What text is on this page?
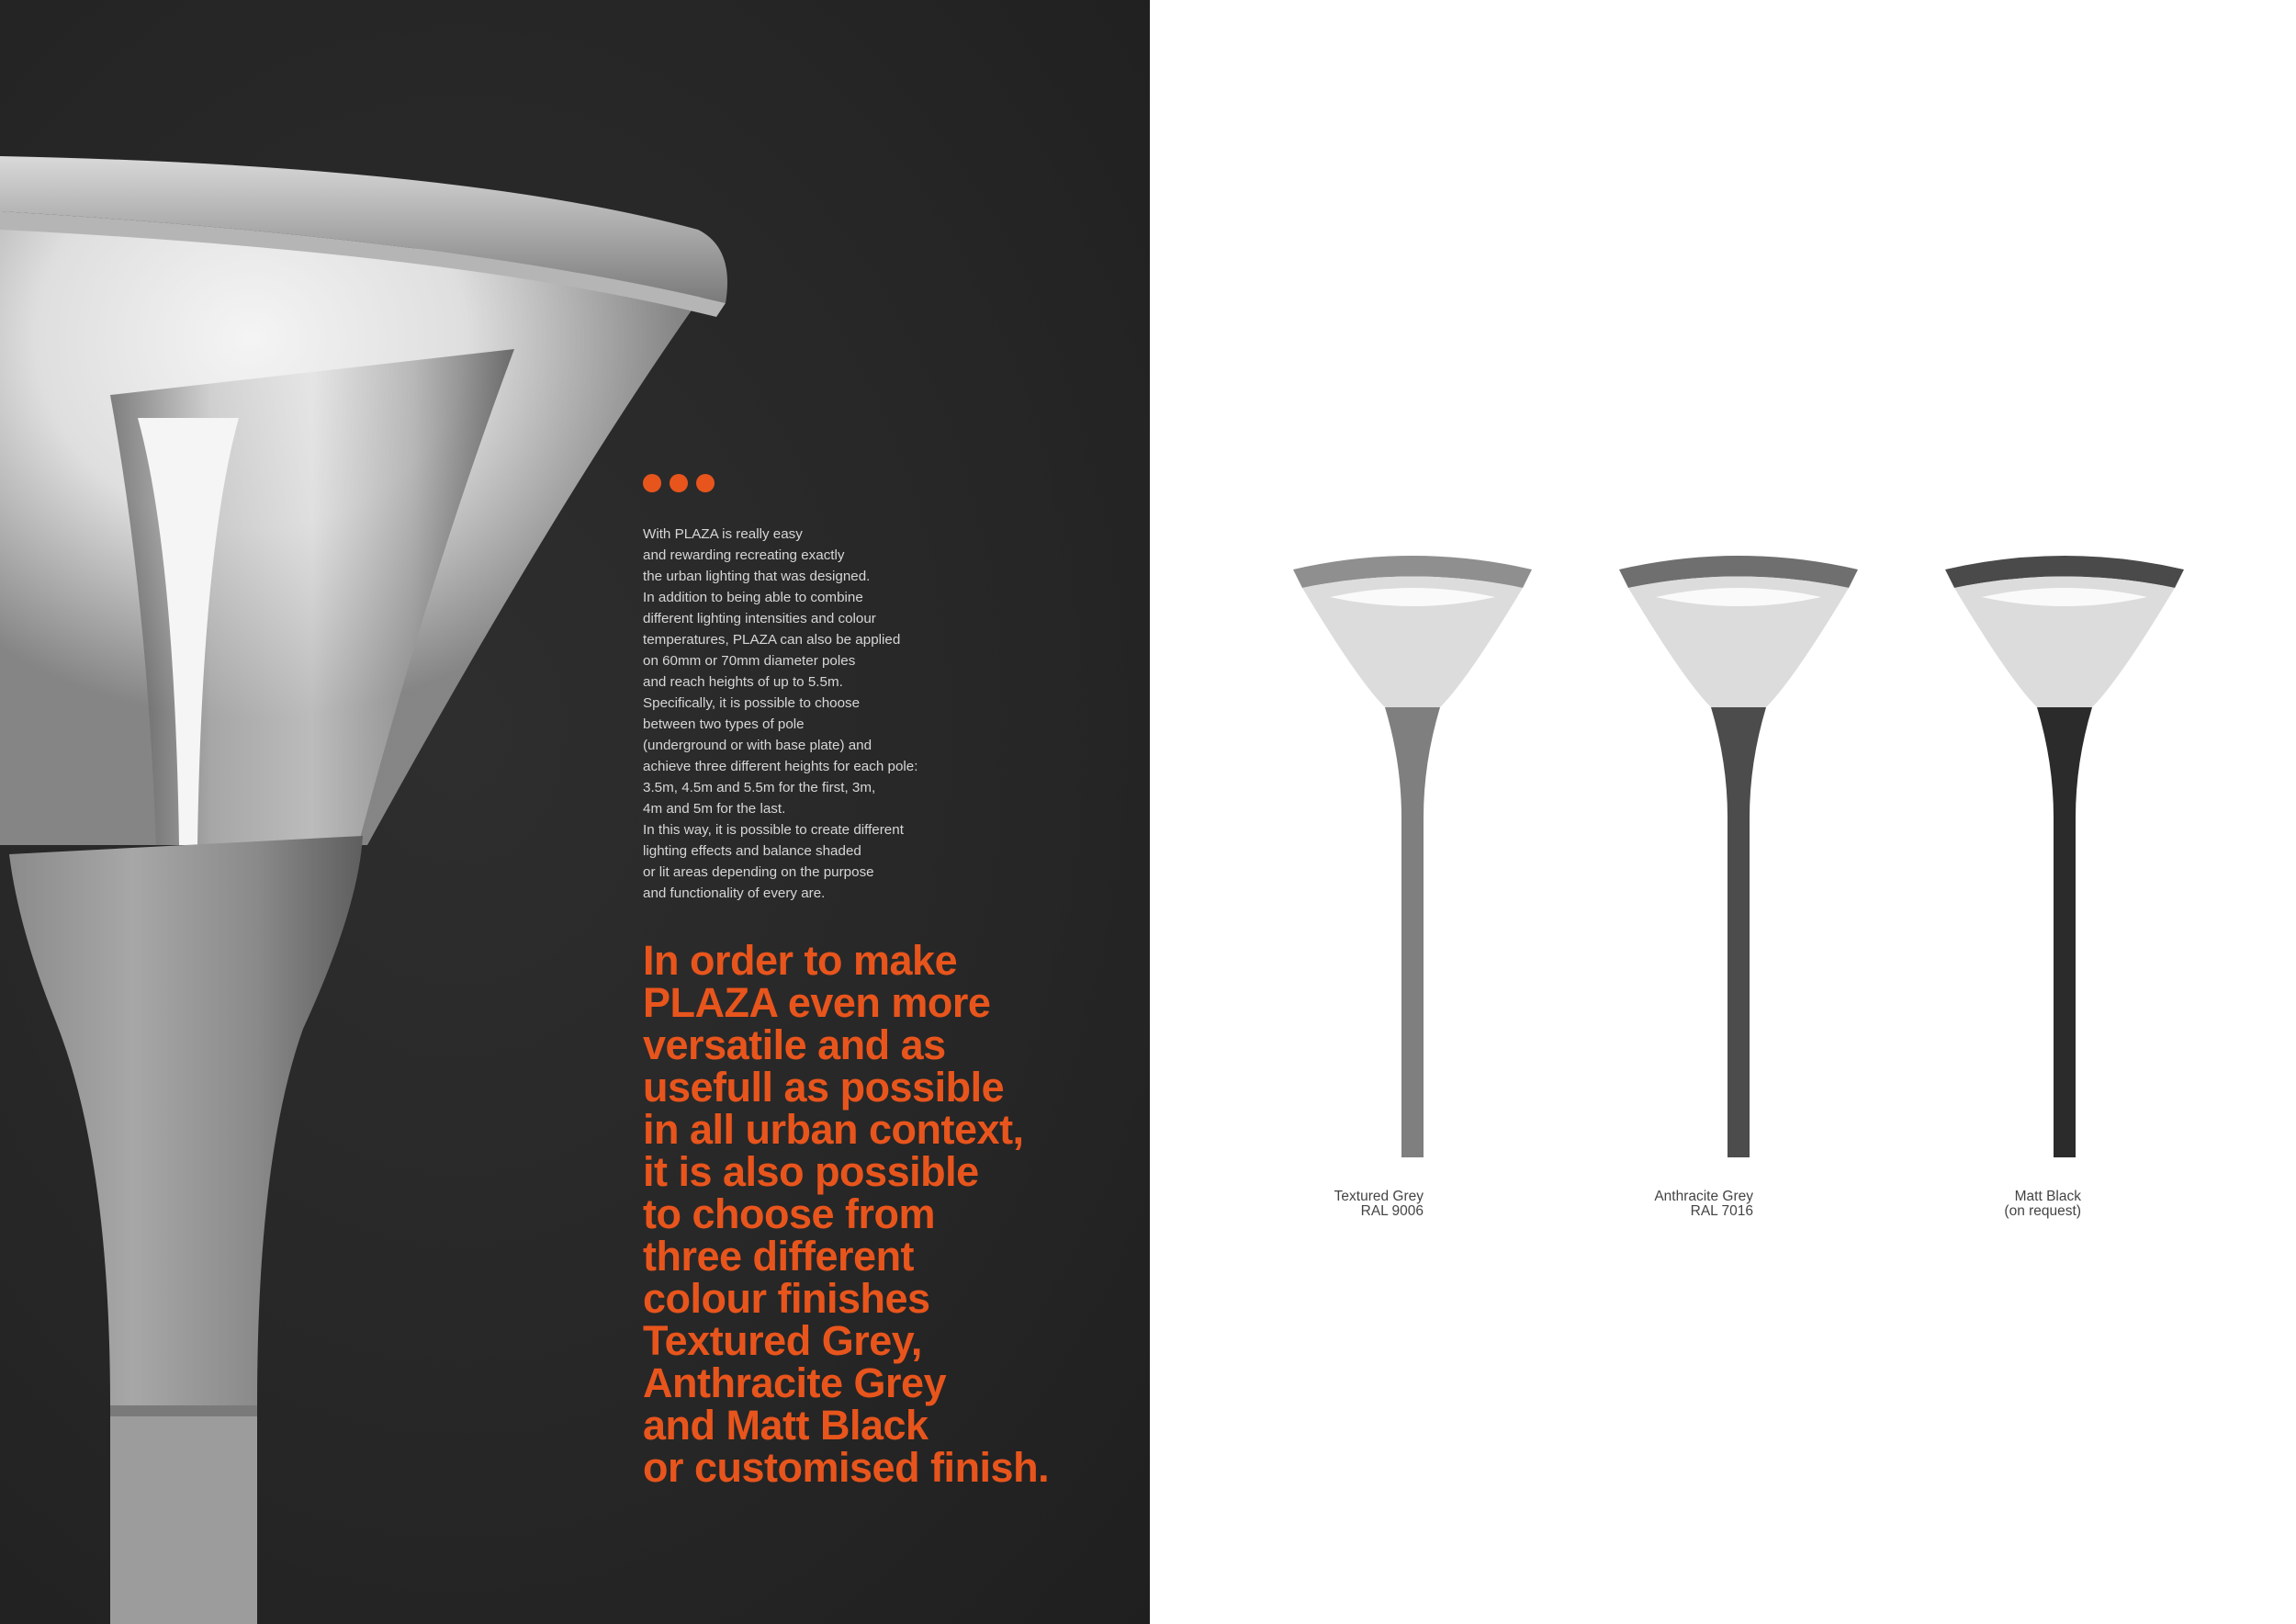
With PLAZA is really easy
and rewarding recreating exactly
the urban lighting that was designed.
In addition to being able to combine
different lighting intensities and colour
temperatures, PLAZA can also be applied
on 60mm or 70mm diameter poles
and reach heights of up to 5.5m.
Specifically, it is possible to choose
between two types of pole
(underground or with base plate) and
achieve three different heights for each pole:
3.5m, 4.5m and 5.5m for the first, 3m,
4m and 5m for the last.
In this way, it is possible to create different
lighting effects and balance shaded
or lit areas depending on the purpose
and functionality of every are.
In order to make
PLAZA even more
versatile and as
usefull as possible
in all urban context,
it is also possible
to choose from
three different
colour finishes
Textured Grey,
Anthracite Grey
and Matt Black
or customised finish.
Textured Grey
RAL 9006
Anthracite Grey
RAL 7016
Matt Black
(on request)
